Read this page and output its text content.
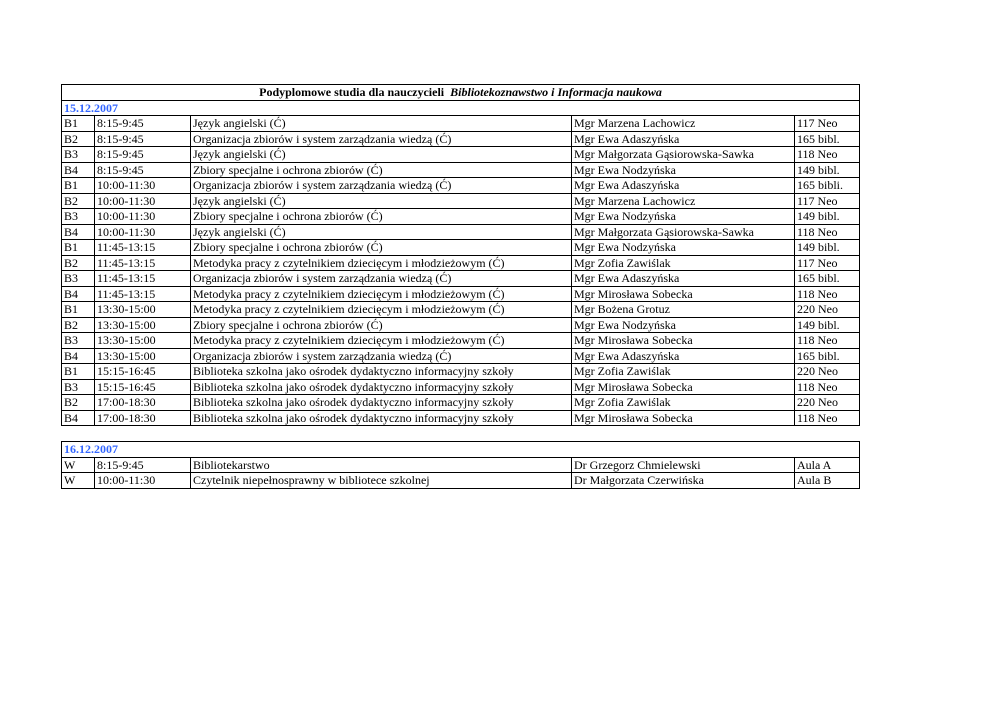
Podyplomowe studia dla nauczycieli Bibliotekoznawstwo i Informacja naukowa				
15.12.2007				
B1	8:15-9:45	Język angielski (Ć)	Mgr Marzena Lachowicz	117 Neo
B2	8:15-9:45	Organizacja zbiorów i system zarządzania wiedzą (Ć)	Mgr Ewa Adaszyńska	165 bibl.
B3	8:15-9:45	Język angielski (Ć)	Mgr Małgorzata Gąsiorowska-Sawka	118 Neo
B4	8:15-9:45	Zbiory specjalne i ochrona zbiorów (Ć)	Mgr Ewa Nodzyńska	149 bibl.
B1	10:00-11:30	Organizacja zbiorów i system zarządzania wiedzą (Ć)	Mgr Ewa Adaszyńska	165 bibli.
B2	10:00-11:30	Język angielski (Ć)	Mgr Marzena Lachowicz	117 Neo
B3	10:00-11:30	Zbiory specjalne i ochrona zbiorów (Ć)	Mgr Ewa Nodzyńska	149 bibl.
B4	10:00-11:30	Język angielski (Ć)	Mgr Małgorzata Gąsiorowska-Sawka	118 Neo
B1	11:45-13:15	Zbiory specjalne i ochrona zbiorów (Ć)	Mgr Ewa Nodzyńska	149 bibl.
B2	11:45-13:15	Metodyka pracy z czytelnikiem dziecięcym i młodzieżowym (Ć)	Mgr Zofia Zawiślak	117 Neo
B3	11:45-13:15	Organizacja zbiorów i system zarządzania wiedzą (Ć)	Mgr Ewa Adaszyńska	165 bibl.
B4	11:45-13:15	Metodyka pracy z czytelnikiem dziecięcym i młodzieżowym (Ć)	Mgr Mirosława Sobecka	118 Neo
B1	13:30-15:00	Metodyka pracy z czytelnikiem dziecięcym i młodzieżowym (Ć)	Mgr Bożena Grotuz	220 Neo
B2	13:30-15:00	Zbiory specjalne i ochrona zbiorów (Ć)	Mgr Ewa Nodzyńska	149 bibl.
B3	13:30-15:00	Metodyka pracy z czytelnikiem dziecięcym i młodzieżowym (Ć)	Mgr Mirosława Sobecka	118 Neo
B4	13:30-15:00	Organizacja zbiorów i system zarządzania wiedzą (Ć)	Mgr Ewa Adaszyńska	165 bibl.
B1	15:15-16:45	Biblioteka szkolna jako ośrodek dydaktyczno informacyjny szkoły	Mgr Zofia Zawiślak	220 Neo
B3	15:15-16:45	Biblioteka szkolna jako ośrodek dydaktyczno informacyjny szkoły	Mgr Mirosława Sobecka	118 Neo
B2	17:00-18:30	Biblioteka szkolna jako ośrodek dydaktyczno informacyjny szkoły	Mgr Zofia Zawiślak	220 Neo
B4	17:00-18:30	Biblioteka szkolna jako ośrodek dydaktyczno informacyjny szkoły	Mgr Mirosława Sobecka	118 Neo
16.12.2007				
W	8:15-9:45	Bibliotekarstwo	Dr Grzegorz Chmielewski	Aula A
W	10:00-11:30	Czytelnik niepełnosprawny w bibliotece szkolnej	Dr Małgorzata Czerwińska	Aula B
